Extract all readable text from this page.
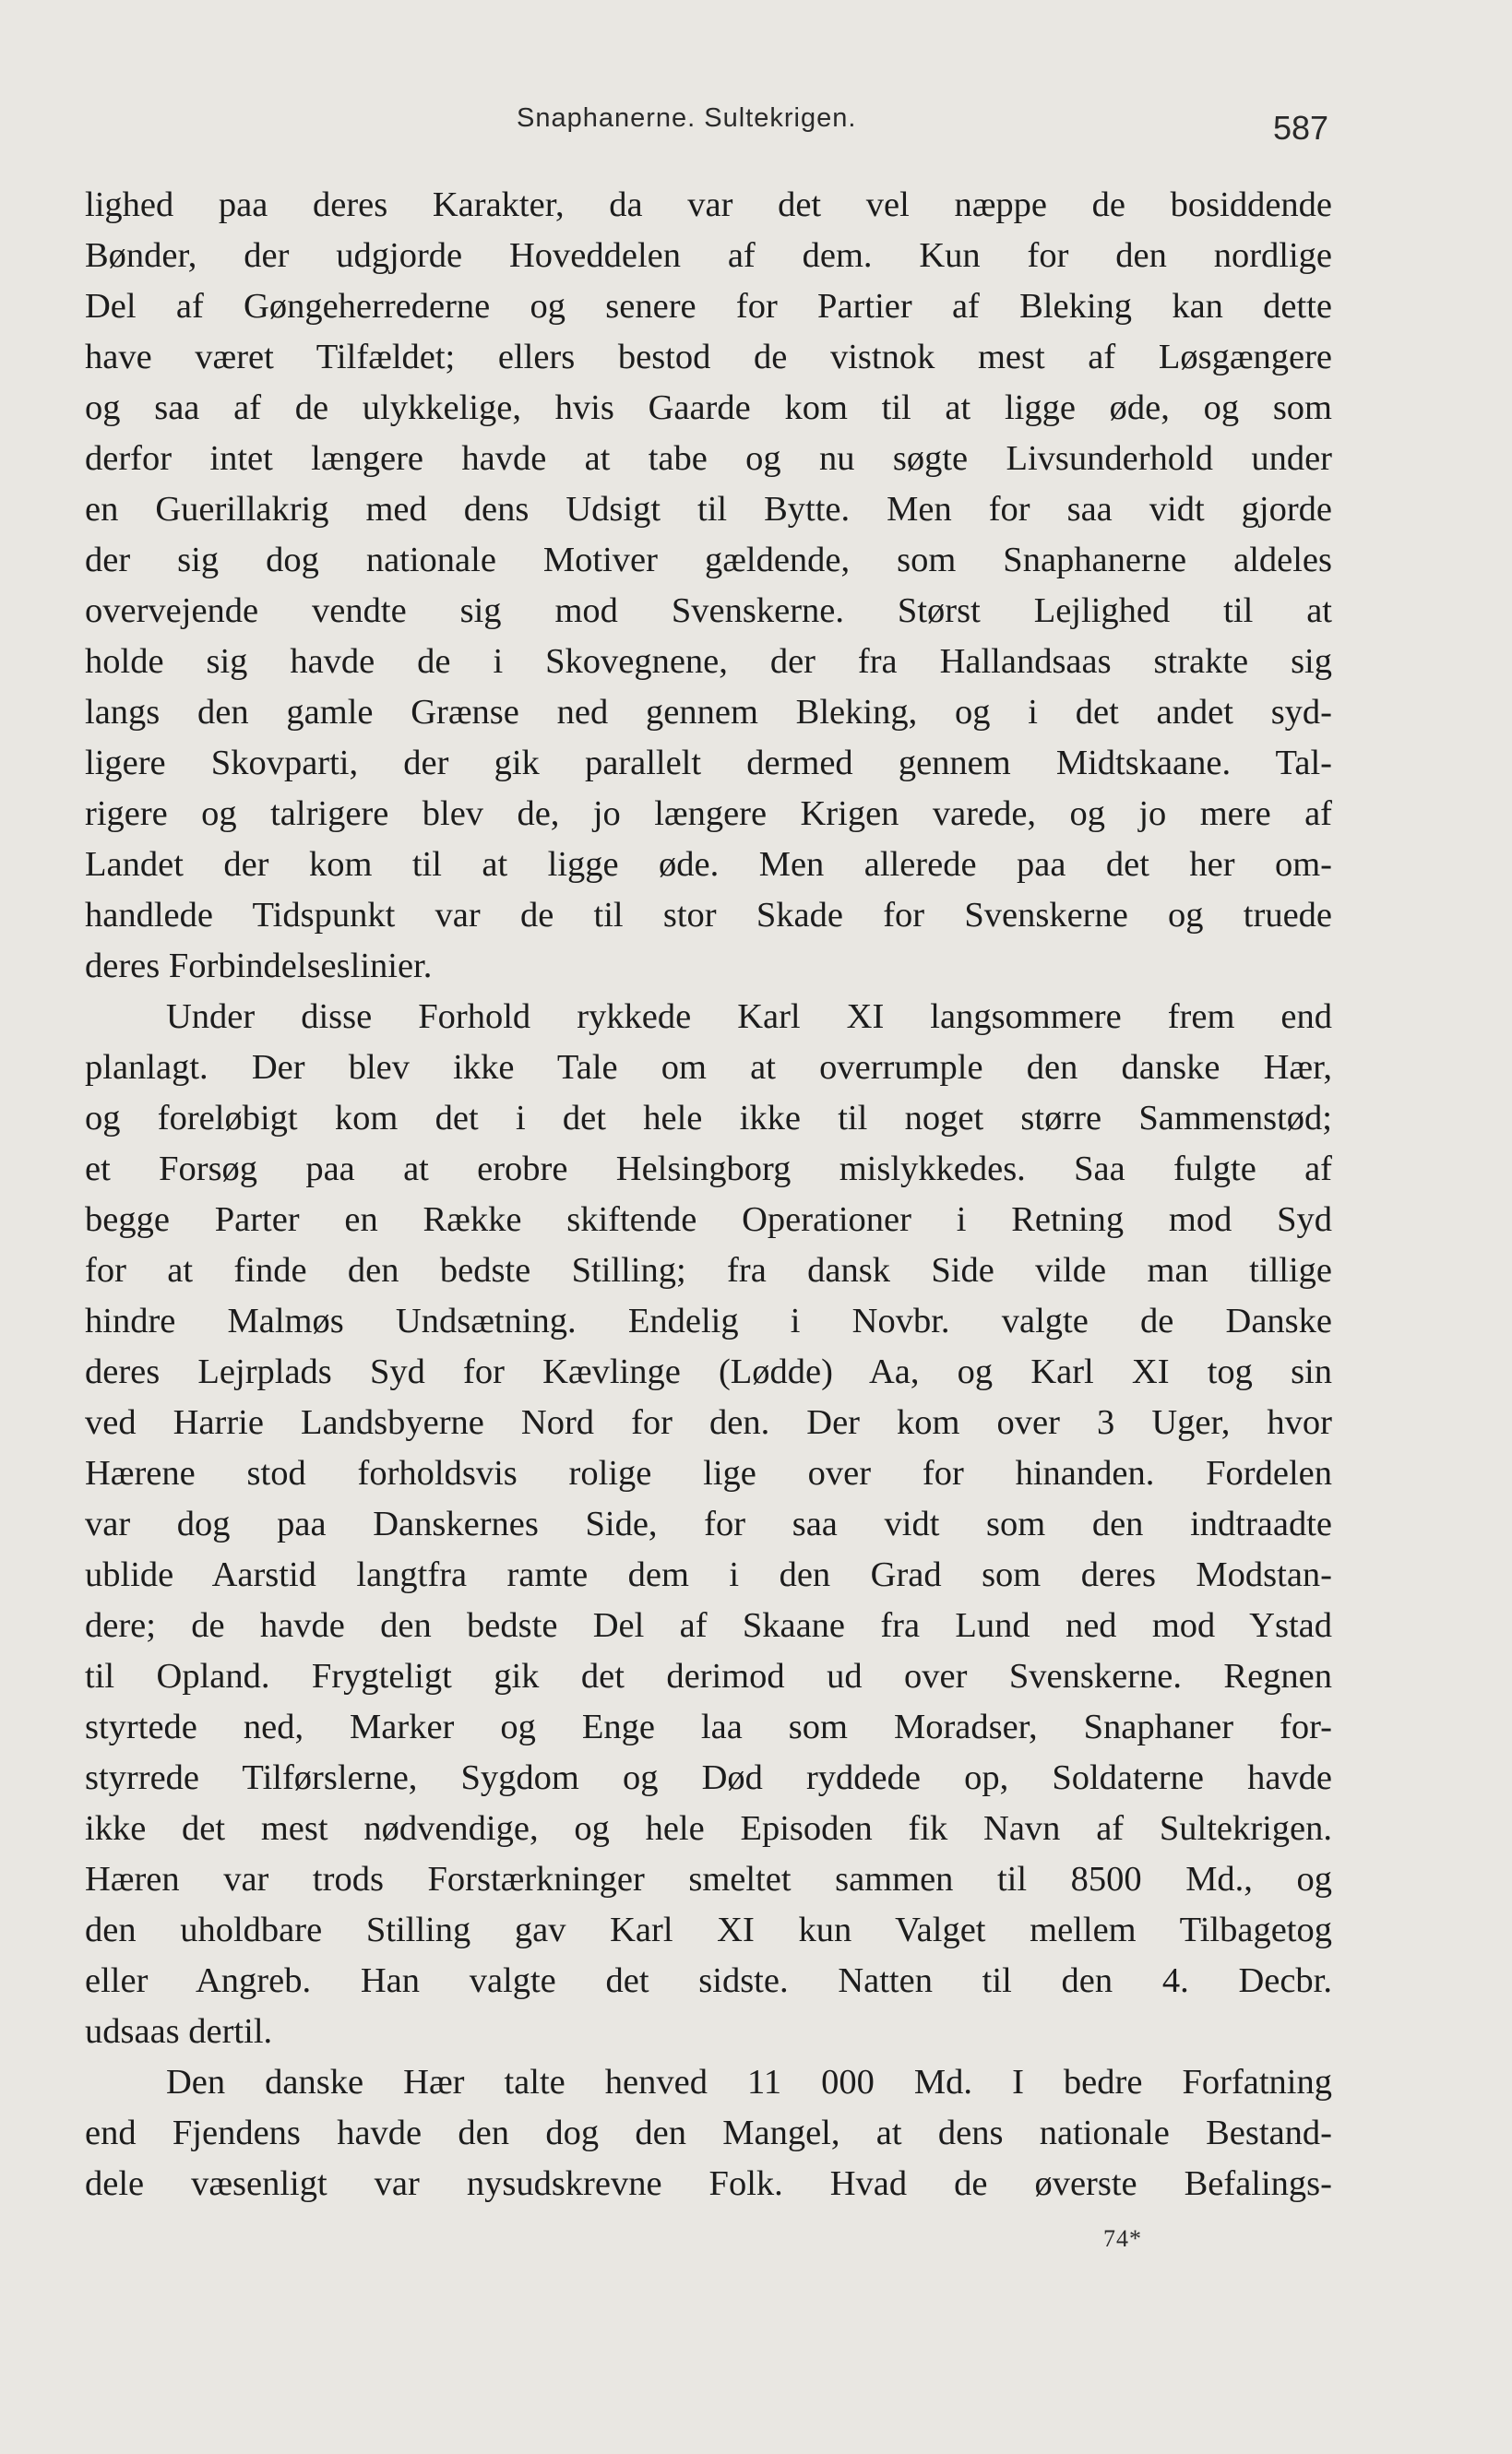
Snaphanerne. Sultekrigen.	587
lighed paa deres Karakter, da var det vel næppe de bosiddende
Bønder, der udgjorde Hoveddelen af dem. Kun for den nordlige
Del af Gøngeherrederne og senere for Partier af Bleking kan dette
have været Tilfældet; ellers bestod de vistnok mest af Løsgængere
og saa af de ulykkelige, hvis Gaarde kom til at ligge øde, og som
derfor intet længere havde at tabe og nu søgte Livsunderhold under
en Guerillakrig med dens Udsigt til Bytte. Men for saa vidt gjorde
der sig dog nationale Motiver gældende, som Snaphanerne aldeles
overvejende vendte sig mod Svenskerne. Størst Lejlighed til at
holde sig havde de i Skovegnene, der fra Hallandsaas strakte sig
langs den gamle Grænse ned gennem Bleking, og i det andet syd-
ligere Skovparti, der gik parallelt dermed gennem Midtskaane. Tal-
rigere og talrigere blev de, jo længere Krigen varede, og jo mere af
Landet der kom til at ligge øde. Men allerede paa det her om-
handlede Tidspunkt var de til stor Skade for Svenskerne og truede
deres Forbindelseslinier.
Under disse Forhold rykkede Karl XI langsommere frem end
planlagt. Der blev ikke Tale om at overrumple den danske Hær,
og foreløbigt kom det i det hele ikke til noget større Sammenstød;
et Forsøg paa at erobre Helsingborg mislykkedes. Saa fulgte af
begge Parter en Række skiftende Operationer i Retning mod Syd
for at finde den bedste Stilling; fra dansk Side vilde man tillige
hindre Malmøs Undsætning. Endelig i Novbr. valgte de Danske
deres Lejrplads Syd for Kævlinge (Lødde) Aa, og Karl XI tog sin
ved Harrie Landsbyerne Nord for den. Der kom over 3 Uger, hvor
Hærene stod forholdsvis rolige lige over for hinanden. Fordelen
var dog paa Danskernes Side, for saa vidt som den indtraadte
ublide Aarstid langtfra ramte dem i den Grad som deres Modstan-
dere; de havde den bedste Del af Skaane fra Lund ned mod Ystad
til Opland. Frygteligt gik det derimod ud over Svenskerne. Regnen
styrtede ned, Marker og Enge laa som Moradser, Snaphaner for-
styrrede Tilførslerne, Sygdom og Død ryddede op, Soldaterne havde
ikke det mest nødvendige, og hele Episoden fik Navn af Sultekrigen.
Hæren var trods Forstærkninger smeltet sammen til 8500 Md., og
den uholdbare Stilling gav Karl XI kun Valget mellem Tilbagetog
eller Angreb. Han valgte det sidste. Natten til den 4. Decbr.
udsaas dertil.
Den danske Hær talte henved 11 000 Md. I bedre Forfatning
end Fjendens havde den dog den Mangel, at dens nationale Bestand-
dele væsenligt var nysudskrevne Folk. Hvad de øverste Befalings-
74*
